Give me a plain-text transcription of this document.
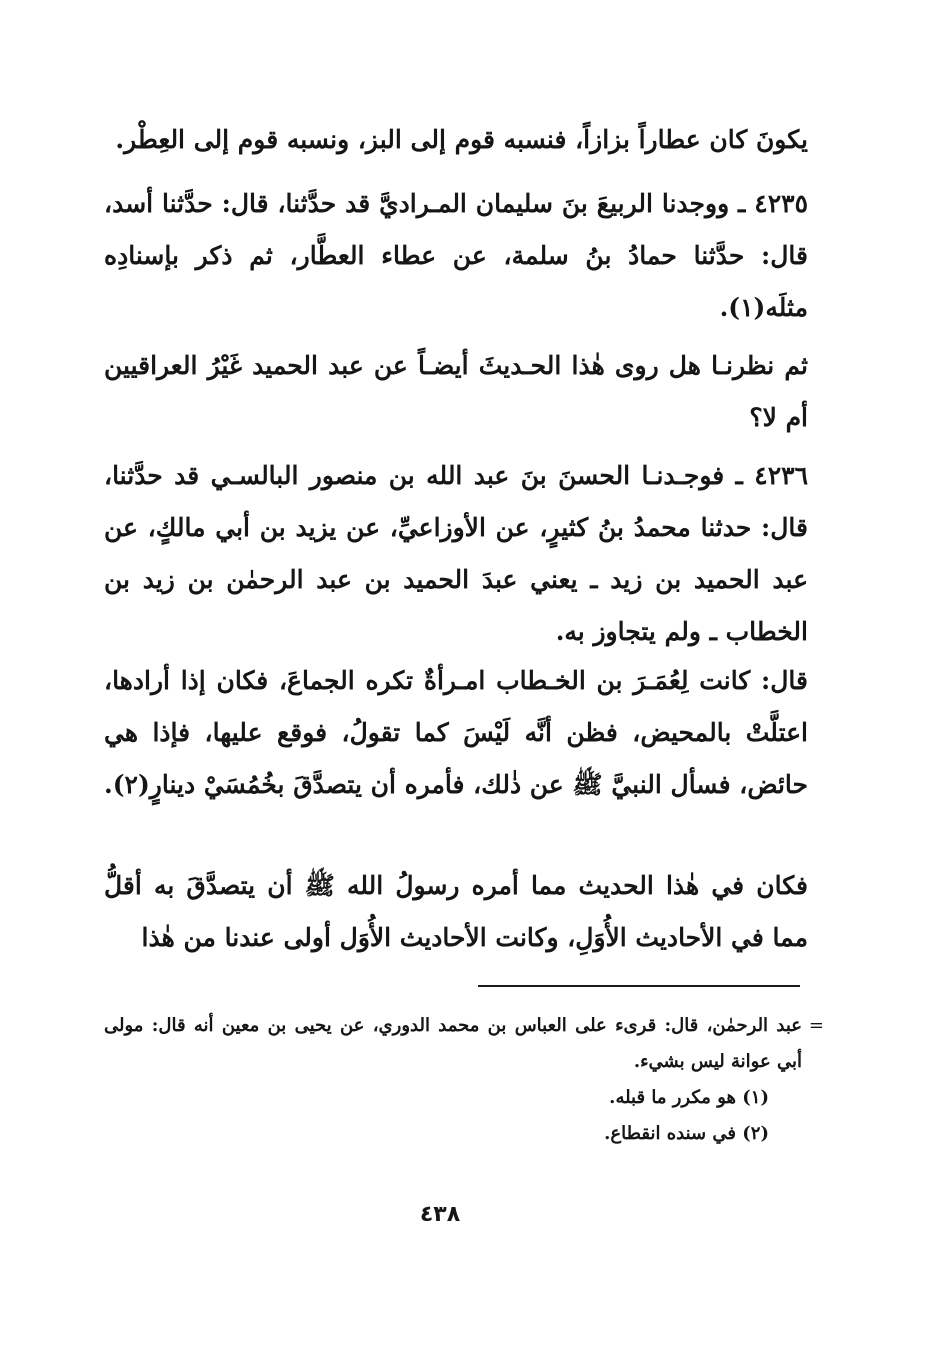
يكونَ كان عطاراً بزازاً، فنسبه قوم إلى البز، ونسبه قوم إلى العِطْر.

٤٢٣٥ ـ ووجدنا الربيعَ بنَ سليمان المـراديَّ قد حدَّثنا، قال: حدَّثنا أسد، قال: حدَّثنا حمادُ بنُ سلمة، عن عطاء العطَّار، ثم ذكر بإسنادِه مثلَه(١).

ثم نظرنـا هل روى هٰذا الحـديثَ أيضـاً عن عبد الحميد غَيْرُ العراقيين أم لا؟

٤٢٣٦ ـ فوجـدنـا الحسنَ بنَ عبد الله بن منصور البالسـي قد حدَّثنا، قال: حدثنا محمدُ بنُ كثيرٍ، عن الأوزاعيِّ، عن يزيد بن أبي مالكٍ، عن عبد الحميد بن زيد ـ يعني عبدَ الحميد بن عبد الرحمٰن بن زيد بن الخطاب ـ ولم يتجاوز به.

قال: كانت لِعُمَـرَ بن الخـطاب امـرأةٌ تكره الجماعَ، فكان إذا أرادها، اعتلَّتْ بالمحيض، فظن أنَّه لَيْسَ كما تقولُ، فوقع عليها، فإذا هي حائض، فسأل النبيَّ ﷺ عن ذٰلك، فأمره أن يتصدَّقَ بخُمُسَيْ دينارٍ(٢).

فكان في هٰذا الحديث مما أمره رسولُ الله ﷺ أن يتصدَّقَ به أقلُّ مما في الأحاديث الأُوَلِ، وكانت الأحاديث الأُوَل أولى عندنا من هٰذا

=
عبد الرحمٰن، قال: قرىء على العباس بن محمد الدوري، عن يحيى بن معين أنه قال: مولى أبي عوانة ليس بشيء.

(١) هو مكرر ما قبله.

(٢) في سنده انقطاع.

٤٣٨
